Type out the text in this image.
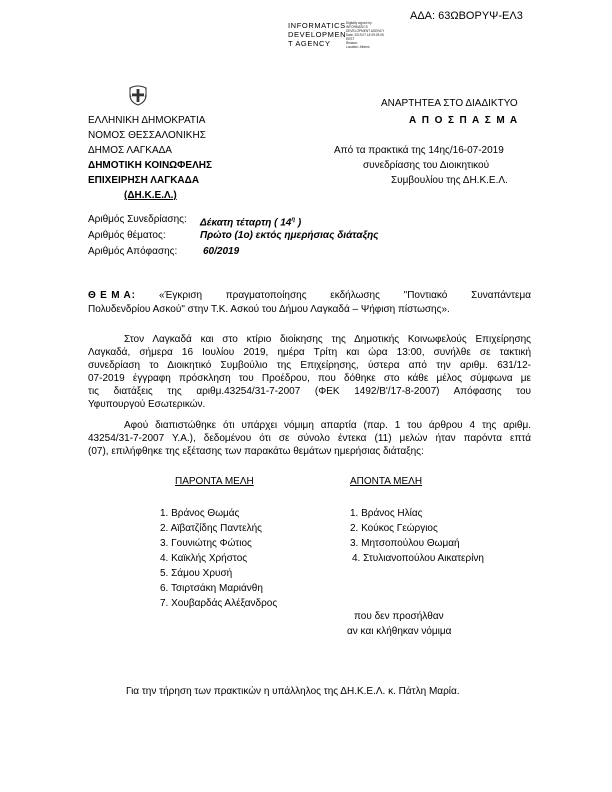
ΑΔΑ: 63ΩΒΟΡΥΨ-ΕΛ3
INFORMATICS
DEVELOPMEN
T AGENCY
Digitally signed by
INFORMATICS
DEVELOPMENT AGENCY
Date: 2019.07.18 09:25:05
EEST
Reason:
Location: Athens
ΕΛΛΗΝΙΚΗ ΔΗΜΟΚΡΑΤΙΑ
ΝΟΜΟΣ ΘΕΣΣΑΛΟΝΙΚΗΣ
ΔΗΜΟΣ ΛΑΓΚΑΔΑ
ΔΗΜΟΤΙΚΗ ΚΟΙΝΩΦΕΛΗΣ
ΕΠΙΧΕΙΡΗΣΗ ΛΑΓΚΑΔΑ
(ΔΗ.Κ.Ε.Λ.)
ΑΝΑΡΤΗΤΕΑ ΣΤΟ ΔΙΑΔΙΚΤΥΟ
Α Π Ο Σ Π Α Σ Μ Α
Από τα πρακτικά της 14ης/16-07-2019
συνεδρίασης του Διοικητικού
Συμβουλίου της ΔΗ.Κ.Ε.Λ.
Αριθμός Συνεδρίασης: Δέκατη τέταρτη ( $14^\eta$ )
Αριθμός θέματος:	Πρώτο (1ο) εκτός ημερήσιας διάταξης
Αριθμός Απόφασης:	60/2019
Θ Ε Μ Α: «Έγκριση πραγματοποίησης εκδήλωσης "Ποντιακό Συναπάντεμα
Πολυδενδρίου Ασκού" στην Τ.Κ. Ασκού του Δήμου Λαγκαδά – Ψήφιση πίστωσης».
Στον Λαγκαδά και στο κτίριο διοίκησης της Δημοτικής Κοινωφελούς Επιχείρησης
Λαγκαδά, σήμερα 16 Ιουλίου 2019, ημέρα Τρίτη και ώρα 13:00, συνήλθε σε τακτική
συνεδρίαση το Διοικητικό Συμβούλιο της Επιχείρησης, ύστερα από την αριθμ. 631/12-
07-2019 έγγραφη πρόσκληση του Προέδρου, που δόθηκε στο κάθε μέλος σύμφωνα με
τις διατάξεις της αριθμ.43254/31-7-2007 (ΦΕΚ 1492/Β'/17-8-2007) Απόφασης του
Υφυπουργού Εσωτερικών.
Αφού διαπιστώθηκε ότι υπάρχει νόμιμη απαρτία (παρ. 1 του άρθρου 4 της αριθμ.
43254/31-7-2007 Υ.Α.), δεδομένου ότι σε σύνολο έντεκα (11) μελών ήταν παρόντα επτά
(07), επιλήφθηκε της εξέτασης των παρακάτω θεμάτων ημερήσιας διάταξης:
ΠΑΡΟΝΤΑ ΜΕΛΗ
1. Βράνος Θωμάς
2. Αϊβατζίδης Παντελής
3. Γουνιώτης Φώτιος
4. Καϊκλής Χρήστος
5. Σάμου Χρυσή
6. Τσιρτσάκη Μαριάνθη
7. Χουβαρδάς Αλέξανδρος
ΑΠΟΝΤΑ ΜΕΛΗ
1. Βράνος Ηλίας
2. Κούκος Γεώργιος
3. Μητσοπούλου Θωμαή
4. Στυλιανοπούλου Αικατερίνη
που δεν προσήλθαν
αν και κλήθηκαν νόμιμα
Για την τήρηση των πρακτικών η υπάλληλος της ΔΗ.Κ.Ε.Λ. κ. Πάτλη Μαρία.
